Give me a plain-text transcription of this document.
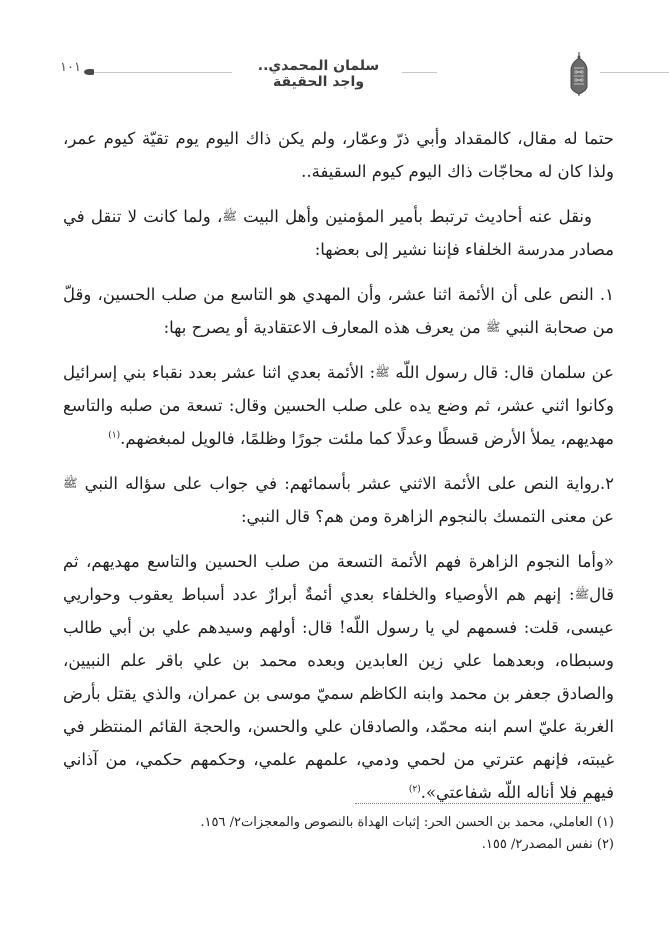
سلمان المحمدي.. واجد الحقيقة
١٠١

حتما له مقال، كالمقداد وأبي ذرّ وعمّار، ولم يكن ذاك اليوم يوم تقيّة كيوم عمر، ولذا كان له محاجّات ذاك اليوم كيوم السقيفة..

ونقل عنه أحاديث ترتبط بأمير المؤمنين وأهل البيت ﷺ، ولما كانت لا تنقل في مصادر مدرسة الخلفاء فإننا نشير إلى بعضها:

١. النص على أن الأئمة اثنا عشر، وأن المهدي هو التاسع من صلب الحسين، وقلّ من صحابة النبي ﷺ من يعرف هذه المعارف الاعتقادية أو يصرح بها:

عن سلمان قال: قال رسول اللّه ﷺ: الأئمة بعدي اثنا عشر بعدد نقباء بني إسرائيل وكانوا اثني عشر، ثم وضع يده على صلب الحسين وقال: تسعة من صلبه والتاسع مهديهم، يملأ الأرض قسطًا وعدلًا كما ملئت جورًا وظلمًا، فالويل لمبغضهم.$^{(١)}$

٢.رواية النص على الأئمة الاثني عشر بأسمائهم: في جواب على سؤاله النبي ﷺ عن معنى التمسك بالنجوم الزاهرة ومن هم؟ قال النبي:

«وأما النجوم الزاهرة فهم الأئمة التسعة من صلب الحسين والتاسع مهديهم، ثم قالﷺ: إنهم هم الأوصياء والخلفاء بعدي أئمةٌ أبرارٌ عدد أسباط يعقوب وحواريي عيسى، قلت: فسمهم لي يا رسول اللّه! قال: أولهم وسيدهم علي بن أبي طالب وسبطاه، وبعدهما علي زين العابدين وبعده محمد بن علي باقر علم النبيين، والصادق جعفر بن محمد وابنه الكاظم سميّ موسى بن عمران، والذي يقتل بأرض الغربة عليّ اسم ابنه محمّد، والصادقان علي والحسن، والحجة القائم المنتظر في غيبته، فإنهم عترتي من لحمي ودمي، علمهم علمي، وحكمهم حكمي، من آذاني فيهم فلا أناله اللّه شفاعتي».$^{(٢)}$

(١) العاملي، محمد بن الحسن الحر: إثبات الهداة بالنصوص والمعجزات٢/ ١٥٦.
(٢) نفس المصدر٢/ ١٥٥.
